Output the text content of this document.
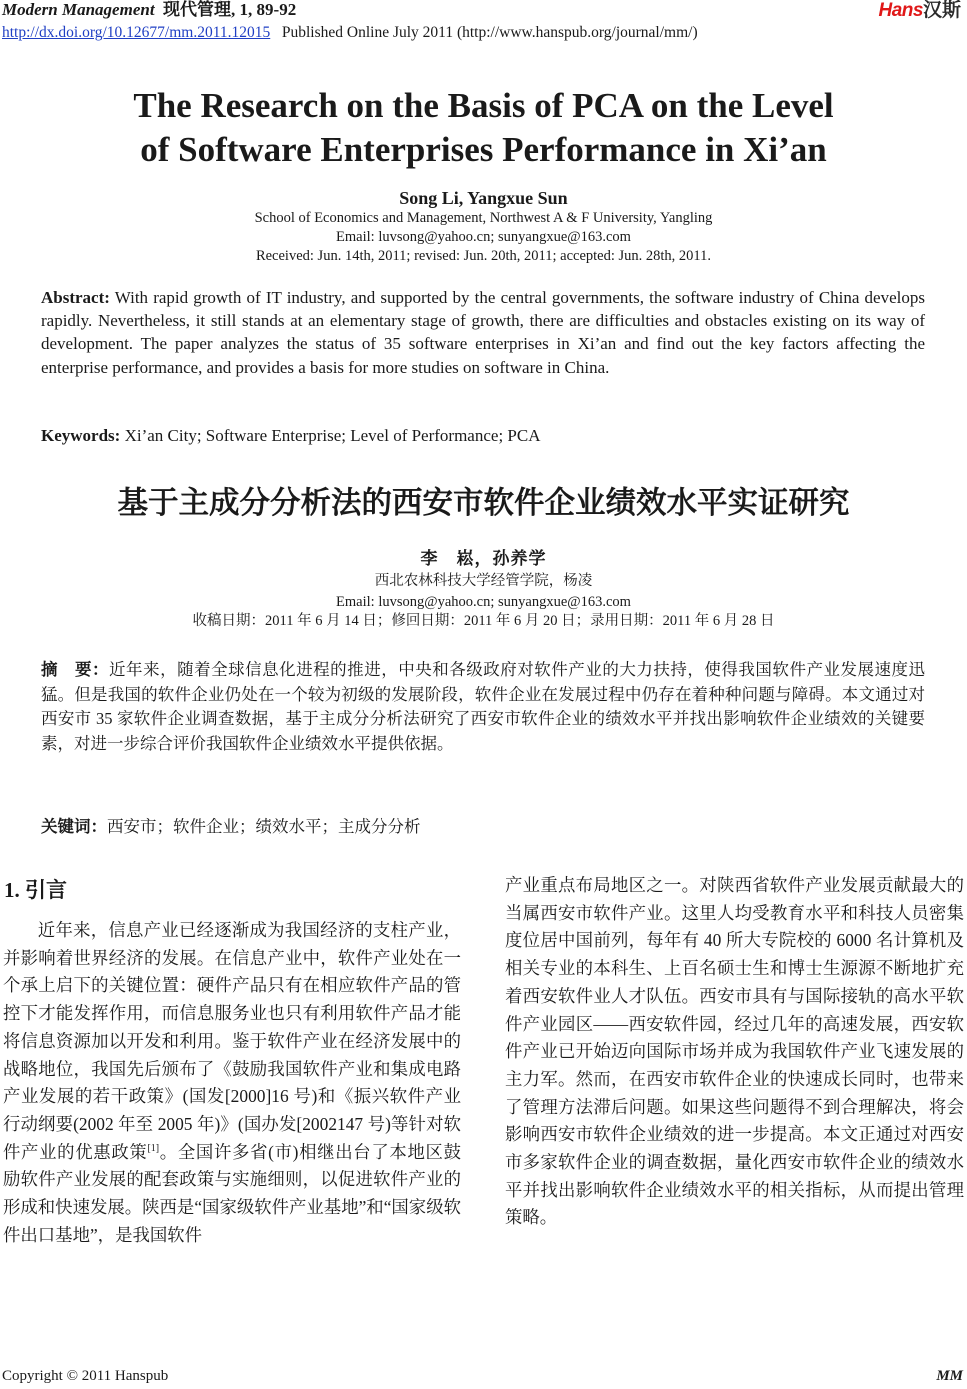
Modern Management 现代管理, 1, 89-92
http://dx.doi.org/10.12677/mm.2011.12015 Published Online July 2011 (http://www.hanspub.org/journal/mm/)
Hans汉斯
The Research on the Basis of PCA on the Level
of Software Enterprises Performance in Xi’an
Song Li, Yangxue Sun
School of Economics and Management, Northwest A & F University, Yangling
Email: luvsong@yahoo.cn; sunyangxue@163.com
Received: Jun. 14th, 2011; revised: Jun. 20th, 2011; accepted: Jun. 28th, 2011.
Abstract: With rapid growth of IT industry, and supported by the central governments, the software industry of China develops rapidly. Nevertheless, it still stands at an elementary stage of growth, there are difficulties and obstacles existing on its way of development. The paper analyzes the status of 35 software enterprises in Xi’an and find out the key factors affecting the enterprise performance, and provides a basis for more studies on software in China.
Keywords: Xi’an City; Software Enterprise; Level of Performance; PCA
基于主成分分析法的西安市软件企业绩效水平实证研究
李　崧，孙养学
西北农林科技大学经管学院，杨凌
Email: luvsong@yahoo.cn; sunyangxue@163.com
收稿日期：2011 年 6 月 14 日；修回日期：2011 年 6 月 20 日；录用日期：2011 年 6 月 28 日
摘　要：近年来，随着全球信息化进程的推进，中央和各级政府对软件产业的大力扶持，使得我国软件产业发展速度迅猛。但是我国的软件企业仍处在一个较为初级的发展阶段，软件企业在发展过程中仍存在着种种问题与障碍。本文通过对西安市 35 家软件企业调查数据，基于主成分分析法研究了西安市软件企业的绩效水平并找出影响软件企业绩效的关键要素，对进一步综合评价我国软件企业绩效水平提供依据。
关键词：西安市；软件企业；绩效水平；主成分分析
1. 引言

近年来，信息产业已经逐渐成为我国经济的支柱产业，并影响着世界经济的发展。在信息产业中，软件产业处在一个承上启下的关键位置：硬件产品只有在相应软件产品的管控下才能发挥作用，而信息服务业也只有利用软件产品才能将信息资源加以开发和利用。鉴于软件产业在经济发展中的战略地位，我国先后颁布了《鼓励我国软件产业和集成电路产业发展的若干政策》(国发[2000]16 号)和《振兴软件产业行动纲要(2002 年至 2005 年)》(国办发[2002147 号)等针对软件产业的优惠政策[1]。全国许多省(市)相继出台了本地区鼓励软件产业发展的配套政策与实施细则，以促进软件产业的形成和快速发展。陕西是“国家级软件产业基地”和“国家级软件出口基地”，是我国软件

产业重点布局地区之一。对陕西省软件产业发展贡献最大的当属西安市软件产业。这里人均受教育水平和科技人员密集度位居中国前列，每年有 40 所大专院校的 6000 名计算机及相关专业的本科生、上百名硕士生和博士生源源不断地扩充着西安软件业人才队伍。西安市具有与国际接轨的高水平软件产业园区——西安软件园，经过几年的高速发展，西安软件产业已开始迈向国际市场并成为我国软件产业飞速发展的主力军。然而，在西安市软件企业的快速成长同时，也带来了管理方法滞后问题。如果这些问题得不到合理解决，将会影响西安市软件企业绩效的进一步提高。本文正通过对西安市多家软件企业的调查数据，量化西安市软件企业的绩效水平并找出影响软件企业绩效水平的相关指标，从而提出管理策略。

Copyright © 2011 Hanspub	MM
